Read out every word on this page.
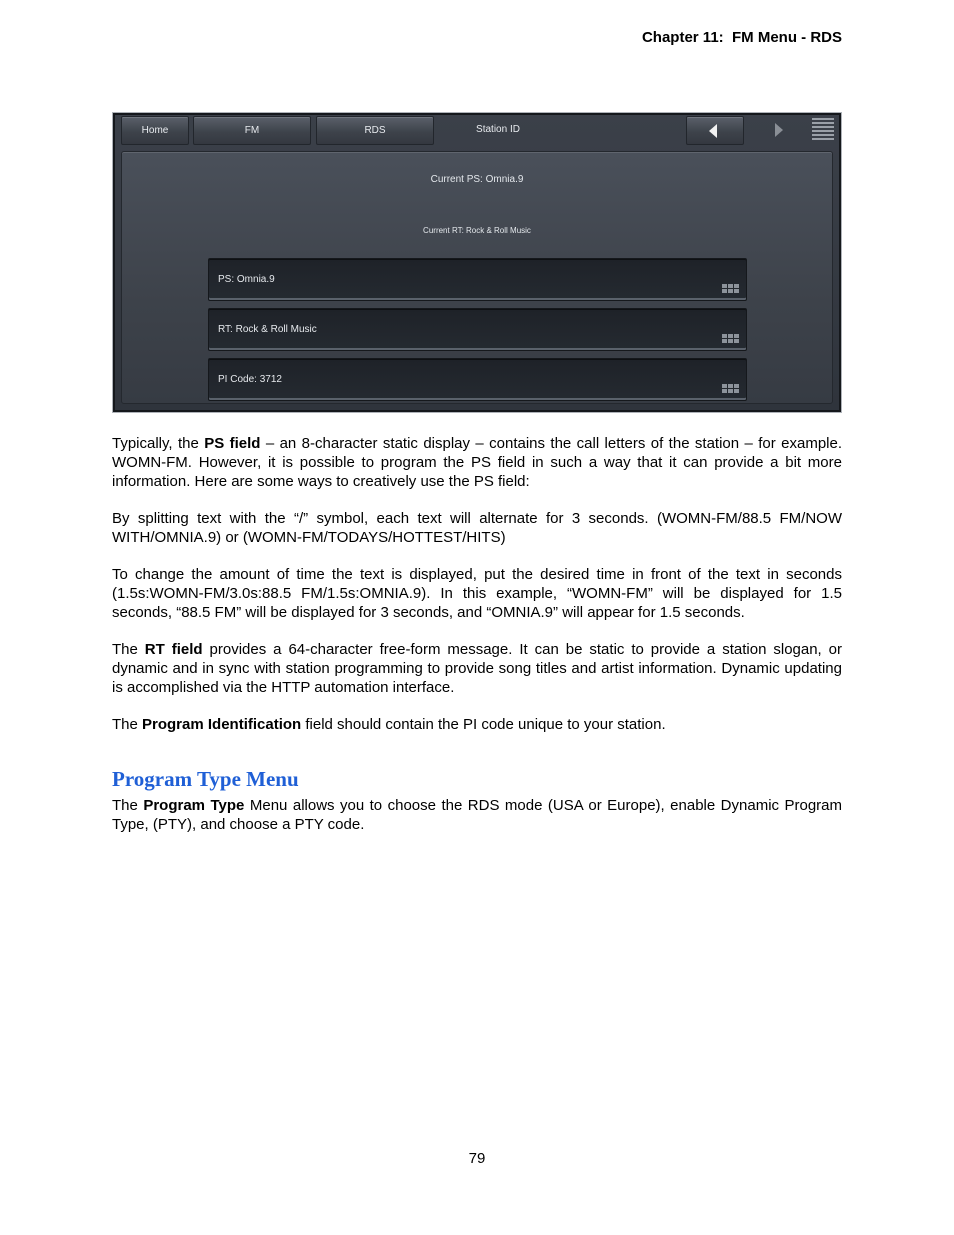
Chapter 11:  FM Menu - RDS
Home	FM	RDS	Station ID
Current PS: Omnia.9
Current RT: Rock & Roll Music
PS: Omnia.9
RT: Rock & Roll Music
PI Code: 3712

Typically, the PS field – an 8-character static display – contains the call letters of the station – for example. WOMN-FM. However, it is possible to program the PS field in such a way that it can provide a bit more information. Here are some ways to creatively use the PS field:

By splitting text with the “/” symbol, each text will alternate for 3 seconds. (WOMN-FM/88.5 FM/NOW WITH/OMNIA.9) or (WOMN-FM/TODAYS/HOTTEST/HITS)

To change the amount of time the text is displayed, put the desired time in front of the text in seconds (1.5s:WOMN-FM/3.0s:88.5 FM/1.5s:OMNIA.9). In this example, “WOMN-FM” will be displayed for 1.5 seconds, “88.5 FM” will be displayed for 3 seconds, and “OMNIA.9” will appear for 1.5 seconds.

The RT field provides a 64-character free-form message. It can be static to provide a station slogan, or dynamic and in sync with station programming to provide song titles and artist information. Dynamic updating is accomplished via the HTTP automation interface.

The Program Identification field should contain the PI code unique to your station.

Program Type Menu

The Program Type Menu allows you to choose the RDS mode (USA or Europe), enable Dynamic Program Type, (PTY), and choose a PTY code.

79
